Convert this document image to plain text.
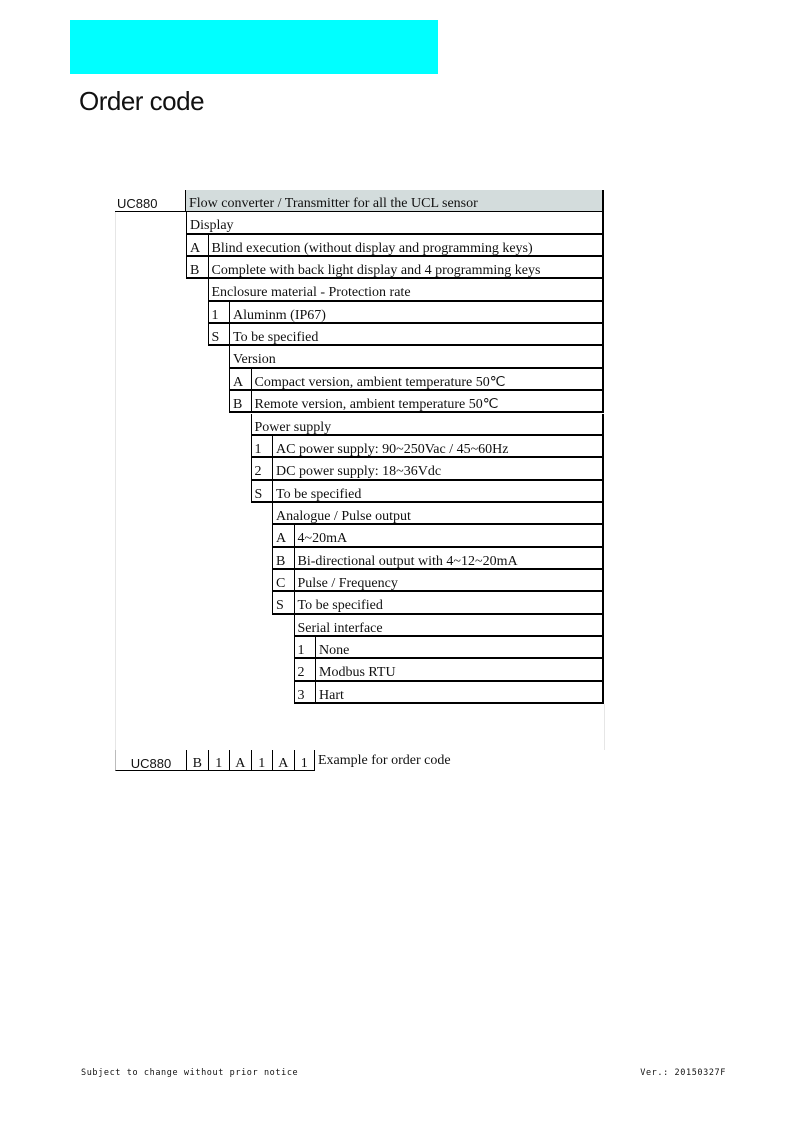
Order code
UC880	Flow converter / Transmitter for all the UCL sensor
Display
A Blind execution (without display and programming keys)
B Complete with back light display and 4 programming keys
Enclosure material - Protection rate
1	Aluminm (IP67)
S To be specified
Version
A Compact version, ambient temperature 50℃
B Remote version, ambient temperature 50℃
Power supply
1	AC power supply: 90~250Vac / 45~60Hz
2	DC power supply: 18~36Vdc
S To be specified
Analogue / Pulse output
A 4~20mA
B Bi-directional output with 4~12~20mA
C Pulse / Frequency
S To be specified
Serial interface
1	None
2	Modbus RTU
3	Hart
UC880	B 1 A 1 A 1 Example for order code
Subject to change without prior notice	Ver.: 20150327F
